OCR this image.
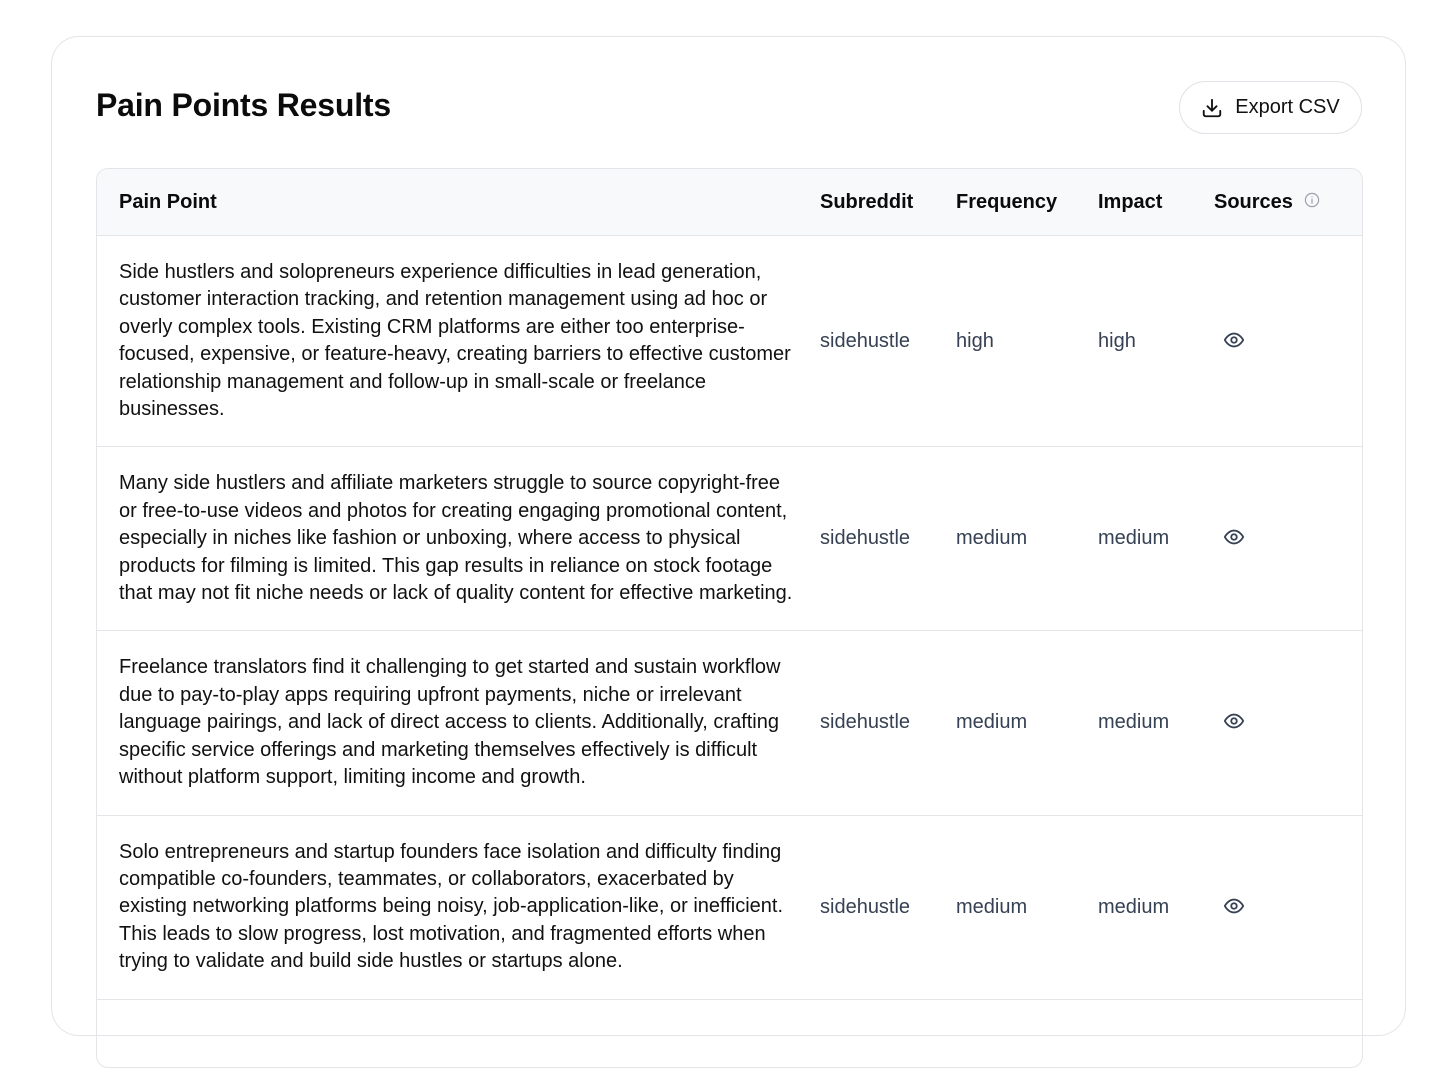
Pain Points Results	Export CSV
Pain Point	Subreddit	Frequency	Impact	Sources

Side hustlers and solopreneurs experience difficulties in lead generation, customer interaction tracking, and retention management using ad hoc or overly complex tools. Existing CRM platforms are either too enterprise-focused, expensive, or feature-heavy, creating barriers to effective customer relationship management and follow-up in small-scale or freelance businesses.	sidehustle	high	high	

Many side hustlers and affiliate marketers struggle to source copyright-free or free-to-use videos and photos for creating engaging promotional content, especially in niches like fashion or unboxing, where access to physical products for filming is limited. This gap results in reliance on stock footage that may not fit niche needs or lack of quality content for effective marketing.	sidehustle	medium	medium	

Freelance translators find it challenging to get started and sustain workflow due to pay-to-play apps requiring upfront payments, niche or irrelevant language pairings, and lack of direct access to clients. Additionally, crafting specific service offerings and marketing themselves effectively is difficult without platform support, limiting income and growth.	sidehustle	medium	medium	

Solo entrepreneurs and startup founders face isolation and difficulty finding compatible co-founders, teammates, or collaborators, exacerbated by existing networking platforms being noisy, job-application-like, or inefficient. This leads to slow progress, lost motivation, and fragmented efforts when trying to validate and build side hustles or startups alone.	sidehustle	medium	medium	
